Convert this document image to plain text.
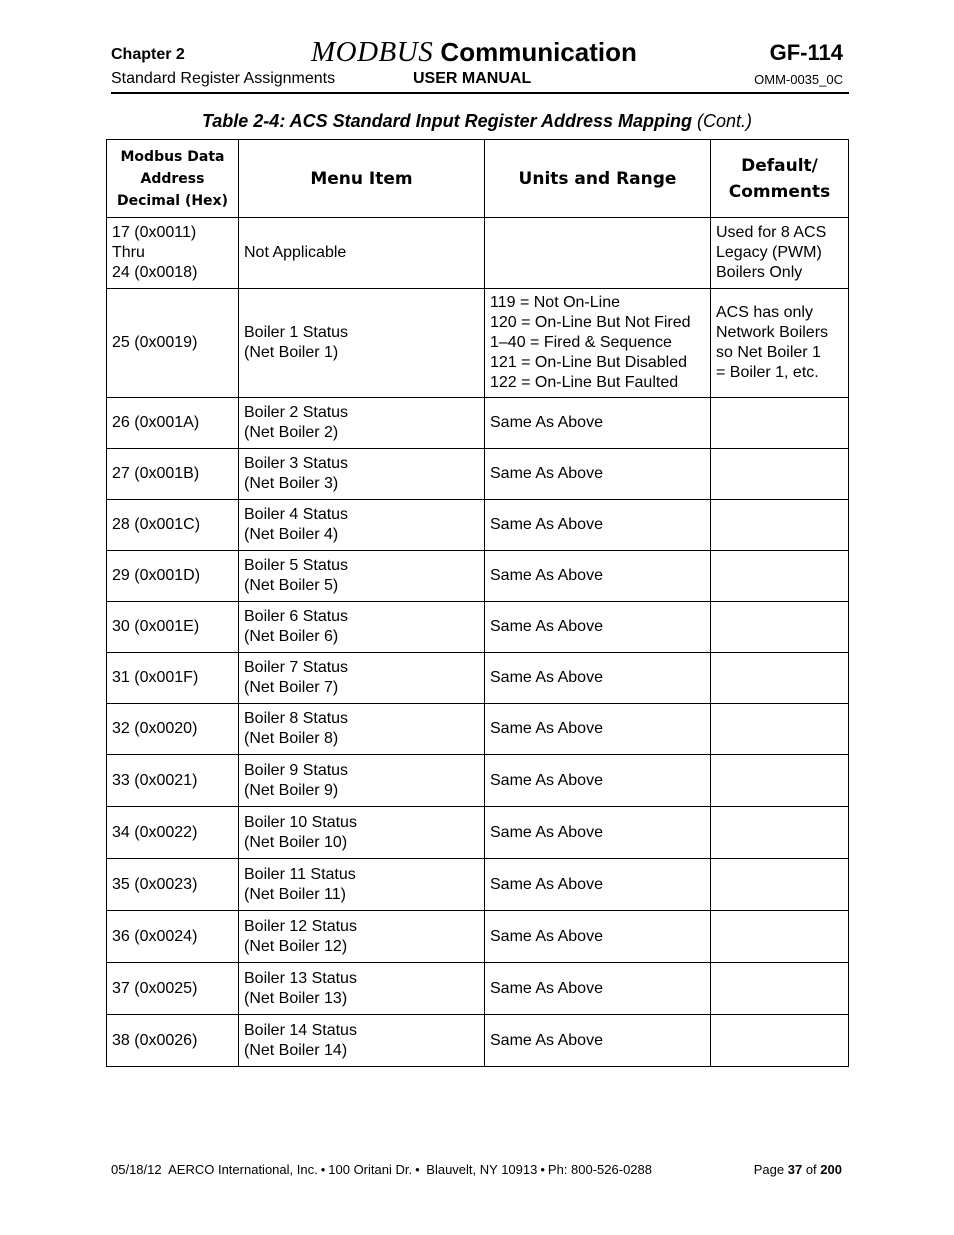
Chapter 2	MODBUS Communication	GF-114
Standard Register Assignments	USER MANUAL	OMM-0035_0C
Table 2-4: ACS Standard Input Register Address Mapping (Cont.)
Modbus Data
Address
Decimal (Hex)	Menu Item	Units and Range	Default/
Comments
17 (0x0011)
Thru
24 (0x0018)	Not Applicable		Used for 8 ACS
Legacy (PWM)
Boilers Only
25 (0x0019)	Boiler 1 Status
(Net Boiler 1)	119 = Not On-Line
120 = On-Line But Not Fired
1–40 = Fired & Sequence
121 = On-Line But Disabled
122 = On-Line But Faulted	ACS has only
Network Boilers
so Net Boiler 1
= Boiler 1, etc.
26 (0x001A)	Boiler 2 Status
(Net Boiler 2)	Same As Above	
27 (0x001B)	Boiler 3 Status
(Net Boiler 3)	Same As Above	
28 (0x001C)	Boiler 4 Status
(Net Boiler 4)	Same As Above	
29 (0x001D)	Boiler 5 Status
(Net Boiler 5)	Same As Above	
30 (0x001E)	Boiler 6 Status
(Net Boiler 6)	Same As Above	
31 (0x001F)	Boiler 7 Status
(Net Boiler 7)	Same As Above	
32 (0x0020)	Boiler 8 Status
(Net Boiler 8)	Same As Above	
33 (0x0021)	Boiler 9 Status
(Net Boiler 9)	Same As Above	
34 (0x0022)	Boiler 10 Status
(Net Boiler 10)	Same As Above	
35 (0x0023)	Boiler 11 Status
(Net Boiler 11)	Same As Above	
36 (0x0024)	Boiler 12 Status
(Net Boiler 12)	Same As Above	
37 (0x0025)	Boiler 13 Status
(Net Boiler 13)	Same As Above	
38 (0x0026)	Boiler 14 Status
(Net Boiler 14)	Same As Above	
05/18/12 AERCO International, Inc. • 100 Oritani Dr. • Blauvelt, NY 10913 • Ph: 800-526-0288	Page 37 of 200
